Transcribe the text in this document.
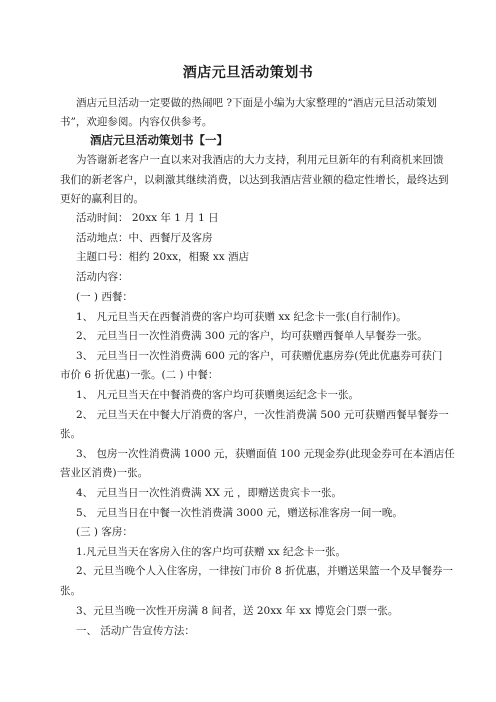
酒店元旦活动策划书
酒店元旦活动一定要做的热闹吧 ?下面是小编为大家整理的“酒店元旦活动策划
书”，欢迎参阅。内容仅供参考。
酒店元旦活动策划书【一】
为答谢新老客户一直以来对我酒店的大力支持，利用元旦新年的有利商机来回馈
我们的新老客户，以刺激其继续消费，以达到我酒店营业额的稳定性增长，最终达到
更好的赢利目的。
活动时间： 20xx 年 1 月 1 日
活动地点：中、西餐厅及客房
主题口号：相约 20xx，相聚 xx 酒店
活动内容：
(一 ) 西餐：
1、 凡元旦当天在西餐消费的客户均可获赠 xx 纪念卡一张(自行制作)。
2、 元旦当日一次性消费满 300 元的客户，均可获赠西餐单人早餐券一张。
3、 元旦当日一次性消费满 600 元的客户，可获赠优惠房券(凭此优惠券可获门
市价 6 折优惠)一张。(二 ) 中餐：
1、 凡元旦当天在中餐消费的客户均可获赠奥运纪念卡一张。
2、 元旦当天在中餐大厅消费的客户，一次性消费满 500 元可获赠西餐早餐券一
张。
3、 包房一次性消费满 1000 元，获赠面值 100 元现金券(此现金券可在本酒店任
营业区消费)一张。
4、 元旦当日一次性消费满 XX 元 ，即赠送贵宾卡一张。
5、 元旦当日在中餐一次性消费满 3000 元，赠送标准客房一间一晚。
(三 ) 客房：
1.凡元旦当天在客房入住的客户均可获赠 xx 纪念卡一张。
2、元旦当晚个人入住客房，一律按门市价 8 折优惠，并赠送果篮一个及早餐券一
张。
3、元旦当晚一次性开房满 8 间者，送 20xx 年 xx 博览会门票一张。
一、 活动广告宣传方法：
